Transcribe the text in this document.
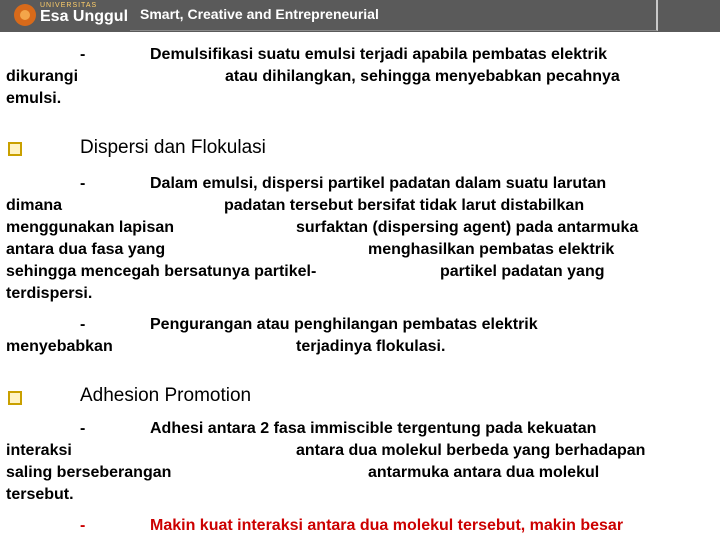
UNIVERSITAS
Esa Unggul Smart, Creative and Entrepreneurial
-	Demulsifikasi suatu emulsi terjadi apabila pembatas elektrik
dikurangi	atau dihilangkan, sehingga menyebabkan pecahnya
emulsi.
Dispersi dan Flokulasi
-	Dalam emulsi, dispersi partikel padatan dalam suatu larutan
dimana	padatan tersebut bersifat tidak larut distabilkan
menggunakan lapisan	surfaktan (dispersing agent) pada antarmuka
antara dua fasa yang	menghasilkan pembatas elektrik
sehingga mencegah bersatunya partikel-	partikel padatan yang
terdispersi.
-	Pengurangan atau penghilangan pembatas elektrik
menyebabkan	terjadinya flokulasi.
Adhesion Promotion
-	Adhesi antara 2 fasa immiscible tergentung pada kekuatan
interaksi	antara dua molekul berbeda yang berhadapan
saling berseberangan	antarmuka antara dua molekul
tersebut.
-	Makin kuat interaksi antara dua molekul tersebut, makin besar
